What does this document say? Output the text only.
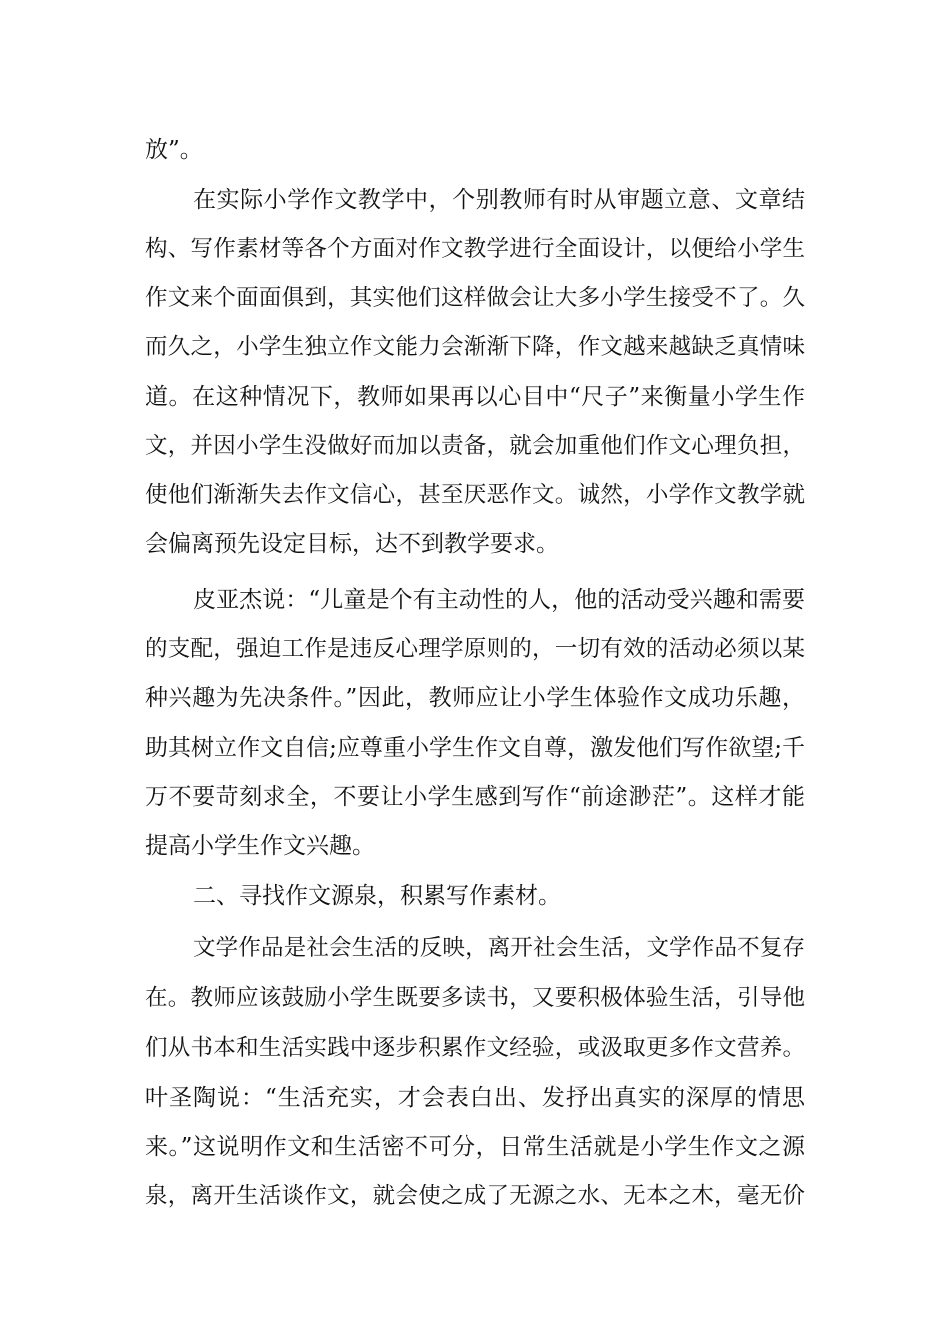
放”。

在实际小学作文教学中，个别教师有时从审题立意、文章结

构、写作素材等各个方面对作文教学进行全面设计，以便给小学生

作文来个面面俱到，其实他们这样做会让大多小学生接受不了。久

而久之，小学生独立作文能力会渐渐下降，作文越来越缺乏真情味

道。在这种情况下，教师如果再以心目中“尺子”来衡量小学生作

文，并因小学生没做好而加以责备，就会加重他们作文心理负担，

使他们渐渐失去作文信心，甚至厌恶作文。诚然，小学作文教学就

会偏离预先设定目标，达不到教学要求。

皮亚杰说：“儿童是个有主动性的人，他的活动受兴趣和需要

的支配，强迫工作是违反心理学原则的，一切有效的活动必须以某

种兴趣为先决条件。”因此，教师应让小学生体验作文成功乐趣，

助其树立作文自信;应尊重小学生作文自尊，激发他们写作欲望;千

万不要苛刻求全，不要让小学生感到写作“前途渺茫”。这样才能

提高小学生作文兴趣。

二、寻找作文源泉，积累写作素材。

文学作品是社会生活的反映，离开社会生活，文学作品不复存

在。教师应该鼓励小学生既要多读书，又要积极体验生活，引导他

们从书本和生活实践中逐步积累作文经验，或汲取更多作文营养。

叶圣陶说：“生活充实，才会表白出、发抒出真实的深厚的情思

来。”这说明作文和生活密不可分，日常生活就是小学生作文之源

泉，离开生活谈作文，就会使之成了无源之水、无本之木，毫无价
